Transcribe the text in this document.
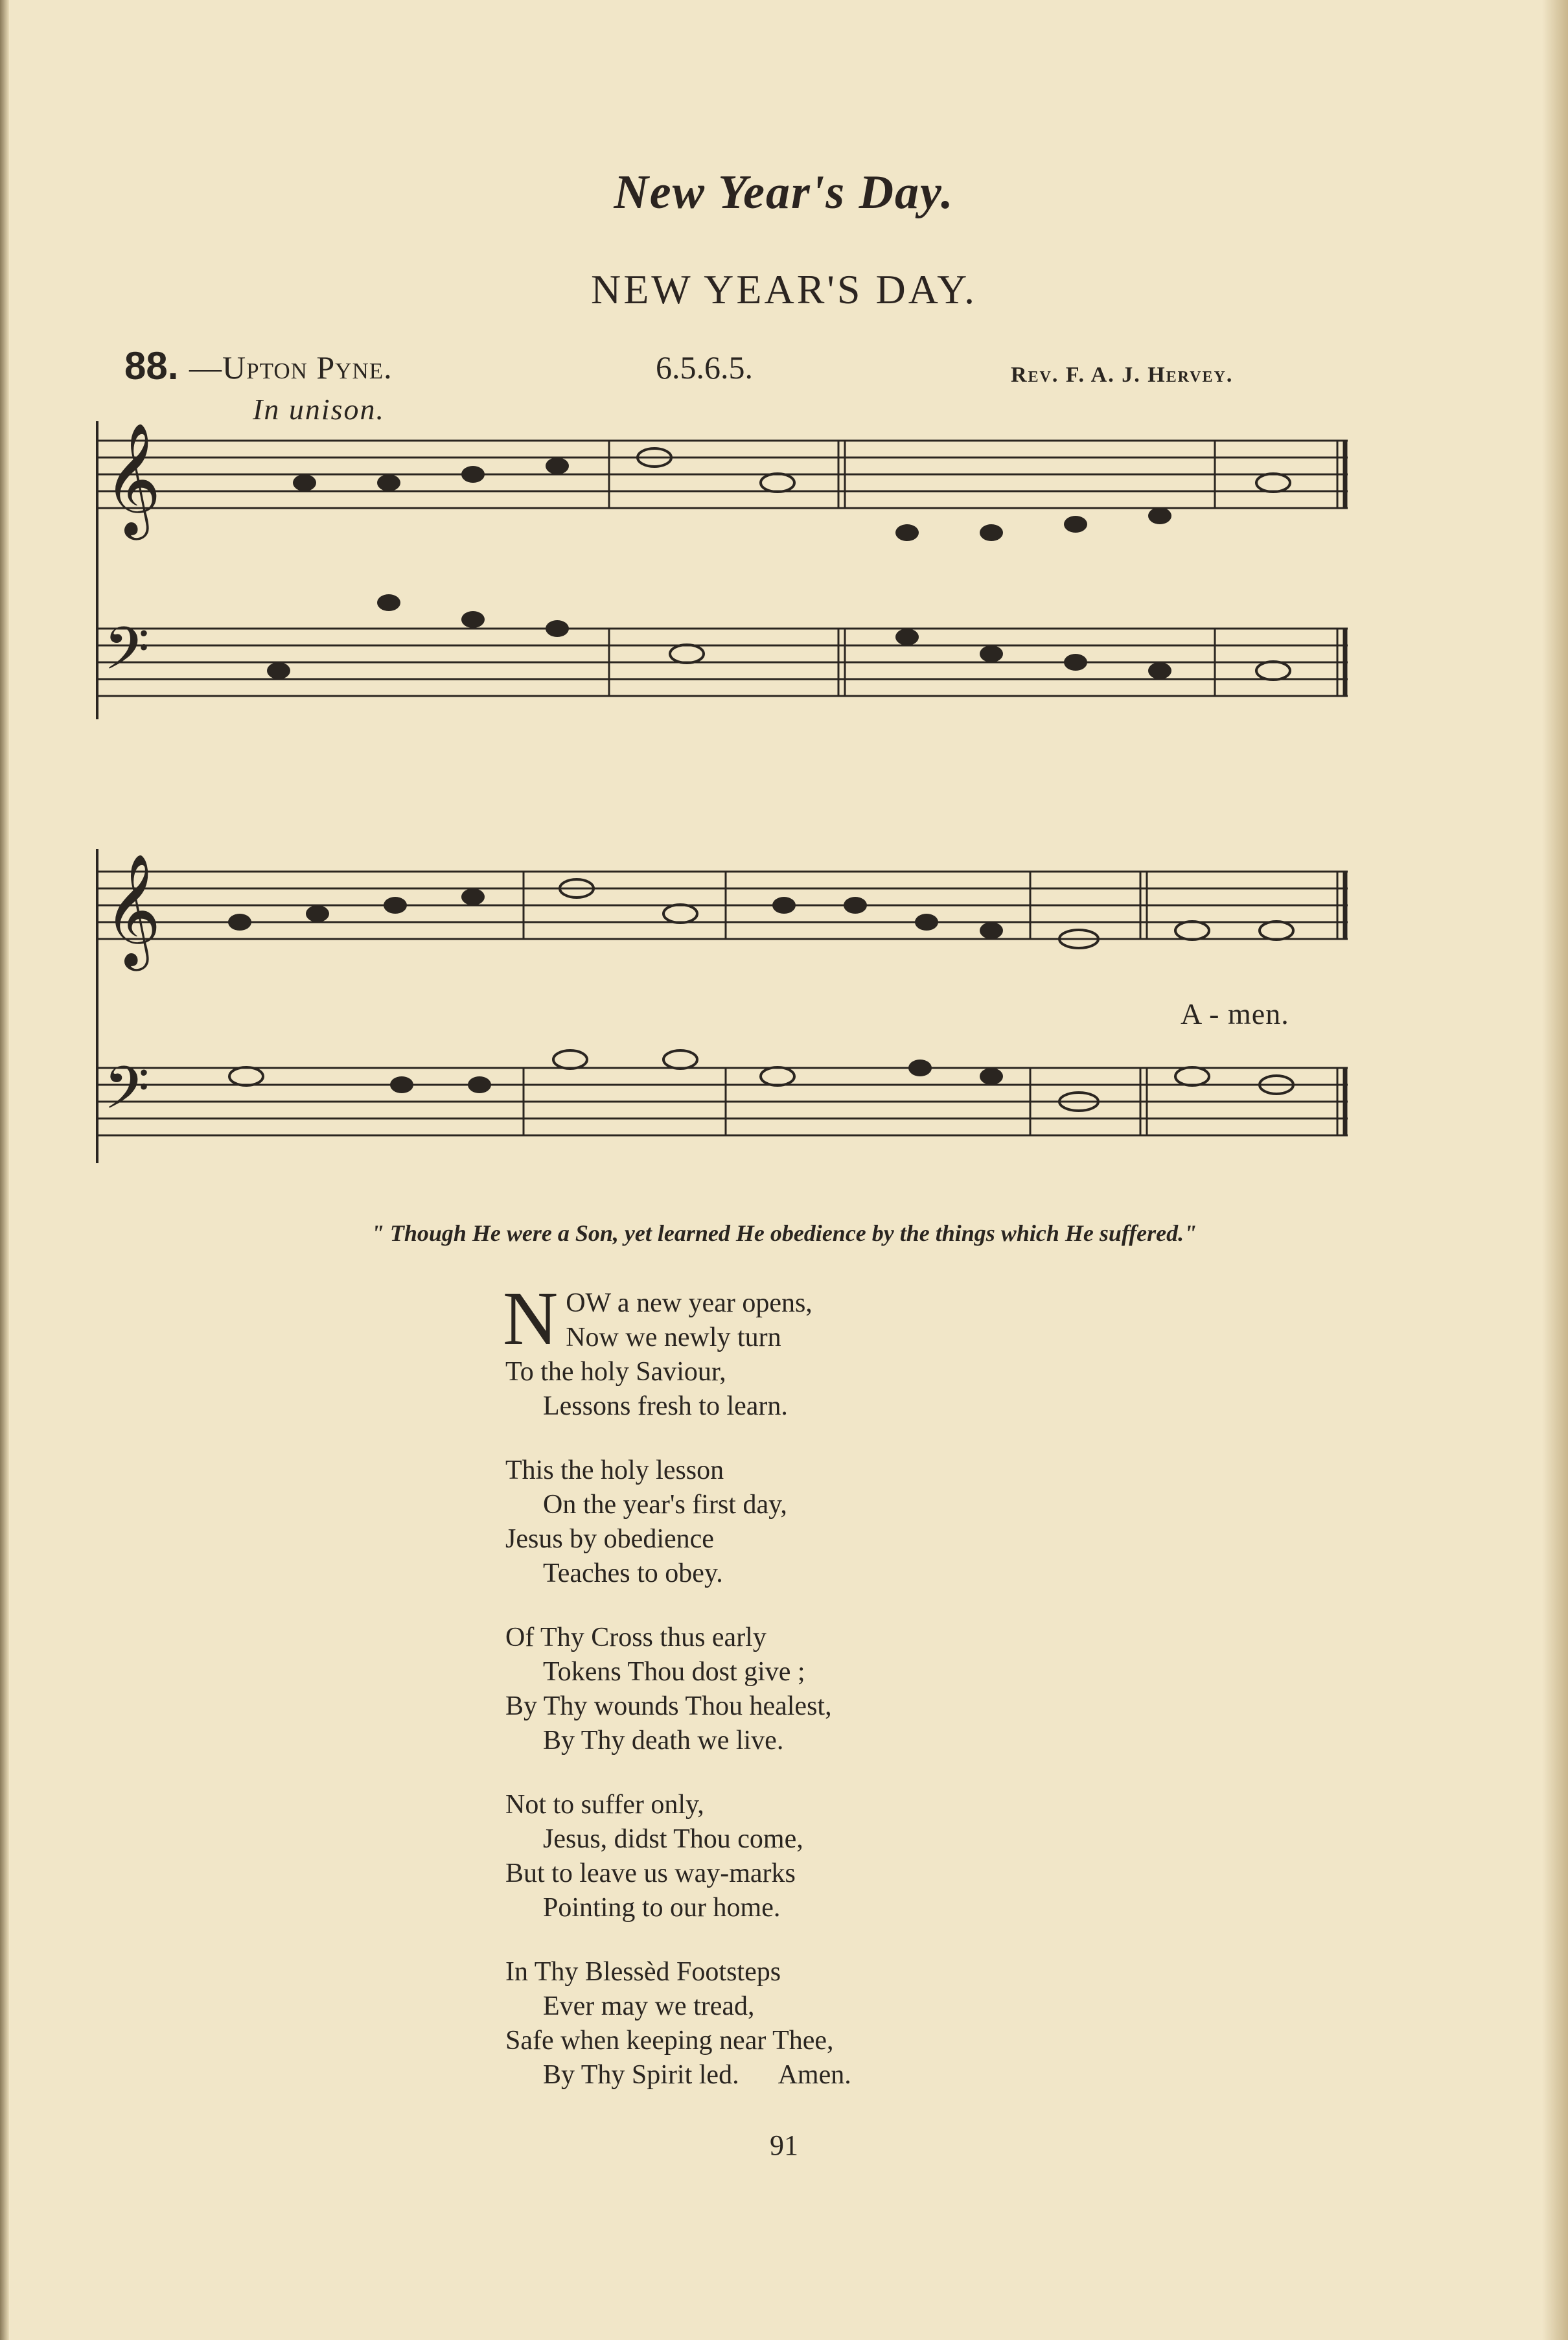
New Year's Day.
NEW YEAR'S DAY.
88. —Upton Pyne.	6.5.6.5.	Rev. F. A. J. Hervey.
In unison.
𝄞
𝄢
𝄞
𝄢
A - men.
" Though He were a Son, yet learned He obedience by the things which He suffered."
N OW a new year opens,
Now we newly turn
To the holy Saviour,
Lessons fresh to learn.
This the holy lesson
On the year's first day,
Jesus by obedience
Teaches to obey.
Of Thy Cross thus early
Tokens Thou dost give ;
By Thy wounds Thou healest,
By Thy death we live.
Not to suffer only,
Jesus, didst Thou come,
But to leave us way-marks
Pointing to our home.
In Thy Blessèd Footsteps
Ever may we tread,
Safe when keeping near Thee,
By Thy Spirit led. Amen.
91
